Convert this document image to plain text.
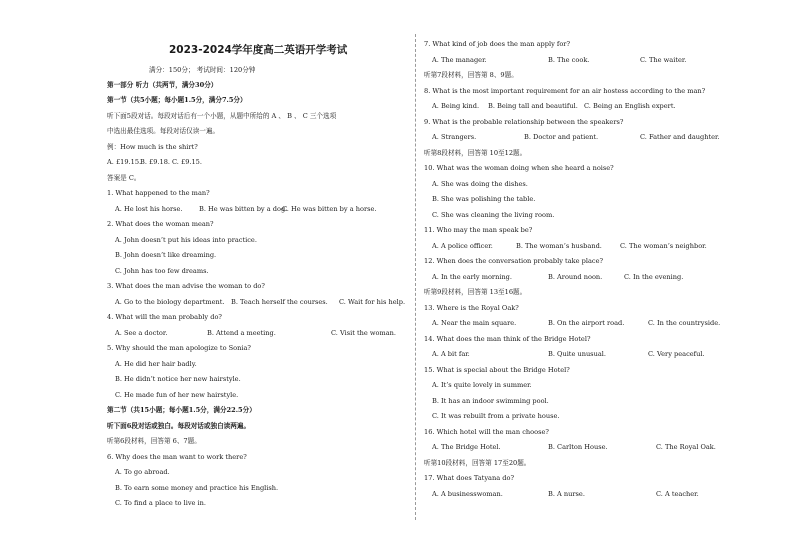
2023-2024学年度高二英语开学考试
满分：150分； 考试时间：120分钟
第一部分 听力（共两节，满分30分）
第一节（共5小题；每小题1.5分，满分7.5分）
听下面5段对话。每段对话后有一个小题，从题中所给的 A 、 B 、 C 三个选项
中选出最佳选项。每段对话仅读一遍。
例：How much is the shirt?
A. £19.15.
B. £9.18. C. £9.15.
答案是 C。
1. What happened to the man?
A. He lost his horse.	B. He was bitten by a dog.
C. He was bitten by a horse.
2. What does the woman mean?
A. John doesn’t put his ideas into practice.
B. John doesn’t like dreaming.
C. John has too few dreams.
3. What does the man advise the woman to do?
A. Go to the biology department. B. Teach herself the courses. C. Wait for his help.
4. What will the man probably do?
A. See a doctor.	B. Attend a meeting.	C. Visit the woman.
5. Why should the man apologize to Sonia?
A. He did her hair badly.
B. He didn’t notice her new hairstyle.
C. He made fun of her new hairstyle.
第二节（共15小题；每小题1.5分，满分22.5分）
听下面6段对话或独白。每段对话或独白读两遍。
听第6段材料，回答第 6、7题。
6. Why does the man want to work there?
A. To go abroad.
B. To earn some money and practice his English.
C. To find a place to live in.
7. What kind of job does the man apply for?
A. The manager.	B. The cook.	C. The waiter.
听第7段材料，回答第 8、9题。
8. What is the most important requirement for an air hostess according to the man?
A. Being kind. B. Being tall and beautiful. C. Being an English expert.
9. What is the probable relationship between the speakers?
A. Strangers.	B. Doctor and patient.	C. Father and daughter.
听第8段材料，回答第 10至12题。
10. What was the woman doing when she heard a noise?
A. She was doing the dishes.
B. She was polishing the table.
C. She was cleaning the living room.
11. Who may the man speak be?
A. A police officer.	B. The woman’s husband.	C. The woman’s neighbor.
12. When does the conversation probably take place?
A. In the early morning.	B. Around noon.	C. In the evening.
听第9段材料，回答第 13至16题。
13. Where is the Royal Oak?
A. Near the main square.	B. On the airport road.	C. In the countryside.
14. What does the man think of the Bridge Hotel?
A. A bit far.	B. Quite unusual.	C. Very peaceful.
15. What is special about the Bridge Hotel?
A. It’s quite lovely in summer.
B. It has an indoor swimming pool.
C. It was rebuilt from a private house.
16. Which hotel will the man choose?
A. The Bridge Hotel.	B. Carlton House.	C. The Royal Oak.
听第10段材料，回答第 17至20题。
17. What does Tatyana do?
A. A businesswoman.	B. A nurse.	C. A teacher.
